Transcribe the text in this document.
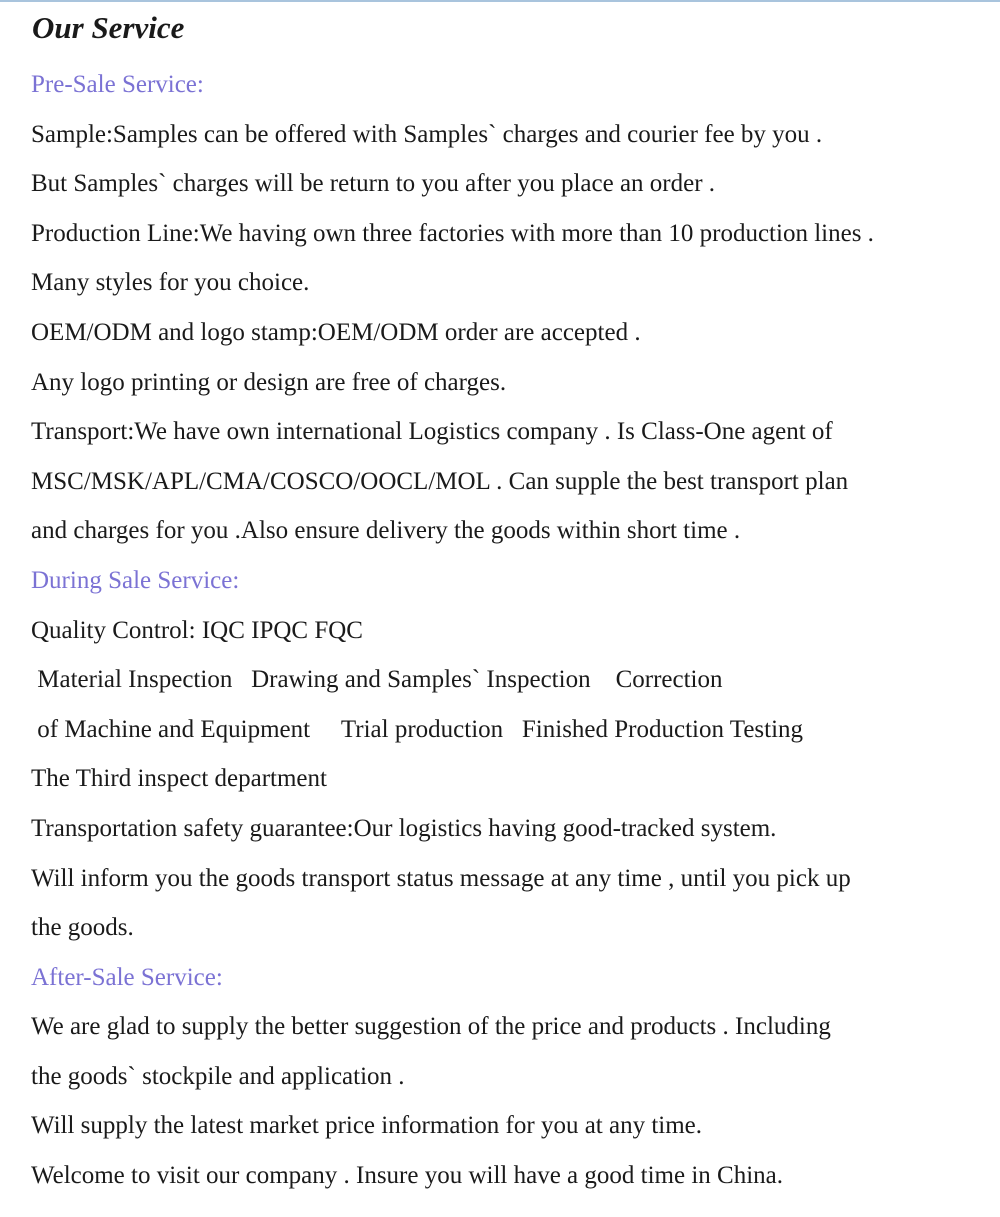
Our Service
Pre-Sale Service:
Sample:Samples can be offered with Samples` charges and courier fee by you .
But Samples` charges will be return to you after you place an order .
Production Line:We having own three factories with more than 10 production lines .
Many styles for you choice.
OEM/ODM and logo stamp:OEM/ODM order are accepted .
Any logo printing or design are free of charges.
Transport:We have own international Logistics company . Is Class-One agent of
MSC/MSK/APL/CMA/COSCO/OOCL/MOL . Can supple the best transport plan
and charges for you .Also ensure delivery the goods within short time .
During Sale Service:
Quality Control: IQC IPQC FQC
Material Inspection   Drawing and Samples` Inspection    Correction
of Machine and Equipment     Trial production   Finished Production Testing
The Third inspect department
Transportation safety guarantee:Our logistics having good-tracked system.
Will inform you the goods transport status message at any time , until you pick up
the goods.
After-Sale Service:
We are glad to supply the better suggestion of the price and products . Including
the goods` stockpile and application .
Will supply the latest market price information for you at any time.
Welcome to visit our company . Insure you will have a good time in China.
